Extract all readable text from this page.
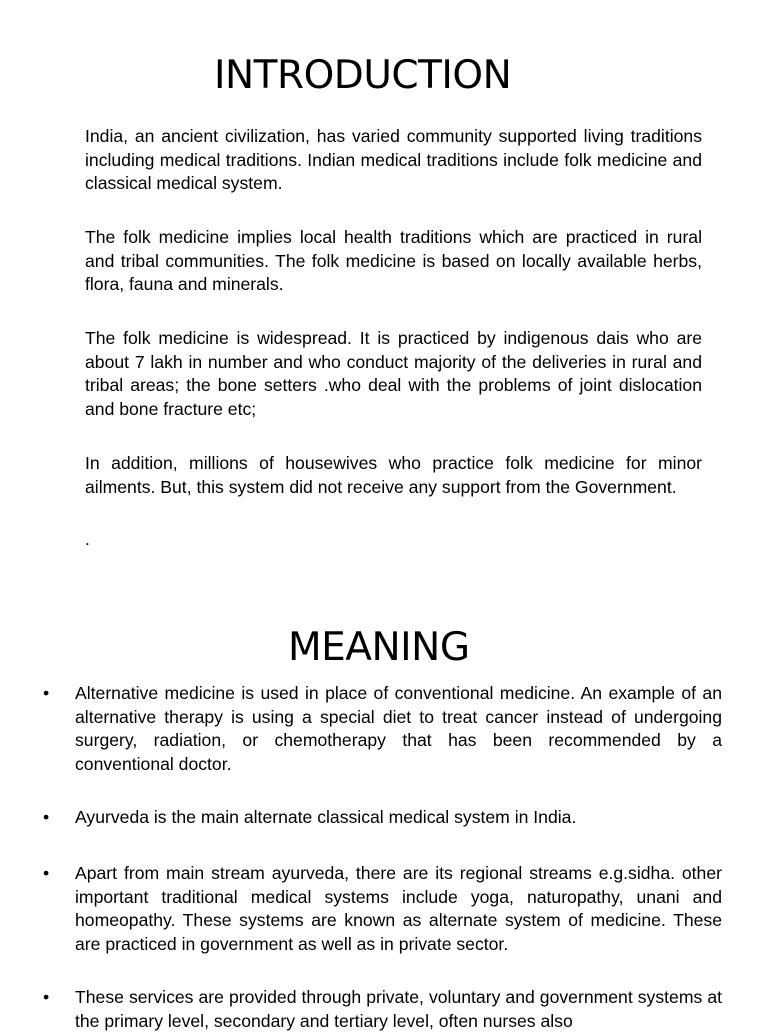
INTRODUCTION

India, an ancient civilization, has varied community supported living traditions including medical traditions. Indian medical traditions include folk medicine and classical medical system.

The folk medicine implies local health traditions which are practiced in rural and tribal communities. The folk medicine is based on locally available herbs, flora, fauna and minerals.

The folk medicine is widespread. It is practiced by indigenous dais who are about 7 lakh in number and who conduct majority of the deliveries in rural and tribal areas; the bone setters .who deal with the problems of joint dislocation and bone fracture etc;

In addition, millions of housewives who practice folk medicine for minor ailments. But, this system did not receive any support from the Government.

.

MEANING
• Alternative medicine is used in place of conventional medicine. An example of an alternative therapy is using a special diet to treat cancer instead of undergoing surgery, radiation, or chemotherapy that has been recommended by a conventional doctor.

• Ayurveda is the main alternate classical medical system in India.

• Apart from main stream ayurveda, there are its regional streams e.g.sidha. other important traditional medical systems include yoga, naturopathy, unani and homeopathy. These systems are known as alternate system of medicine. These are practiced in government as well as in private sector.

• These services are provided through private, voluntary and government systems at the primary level, secondary and tertiary level, often nurses also
